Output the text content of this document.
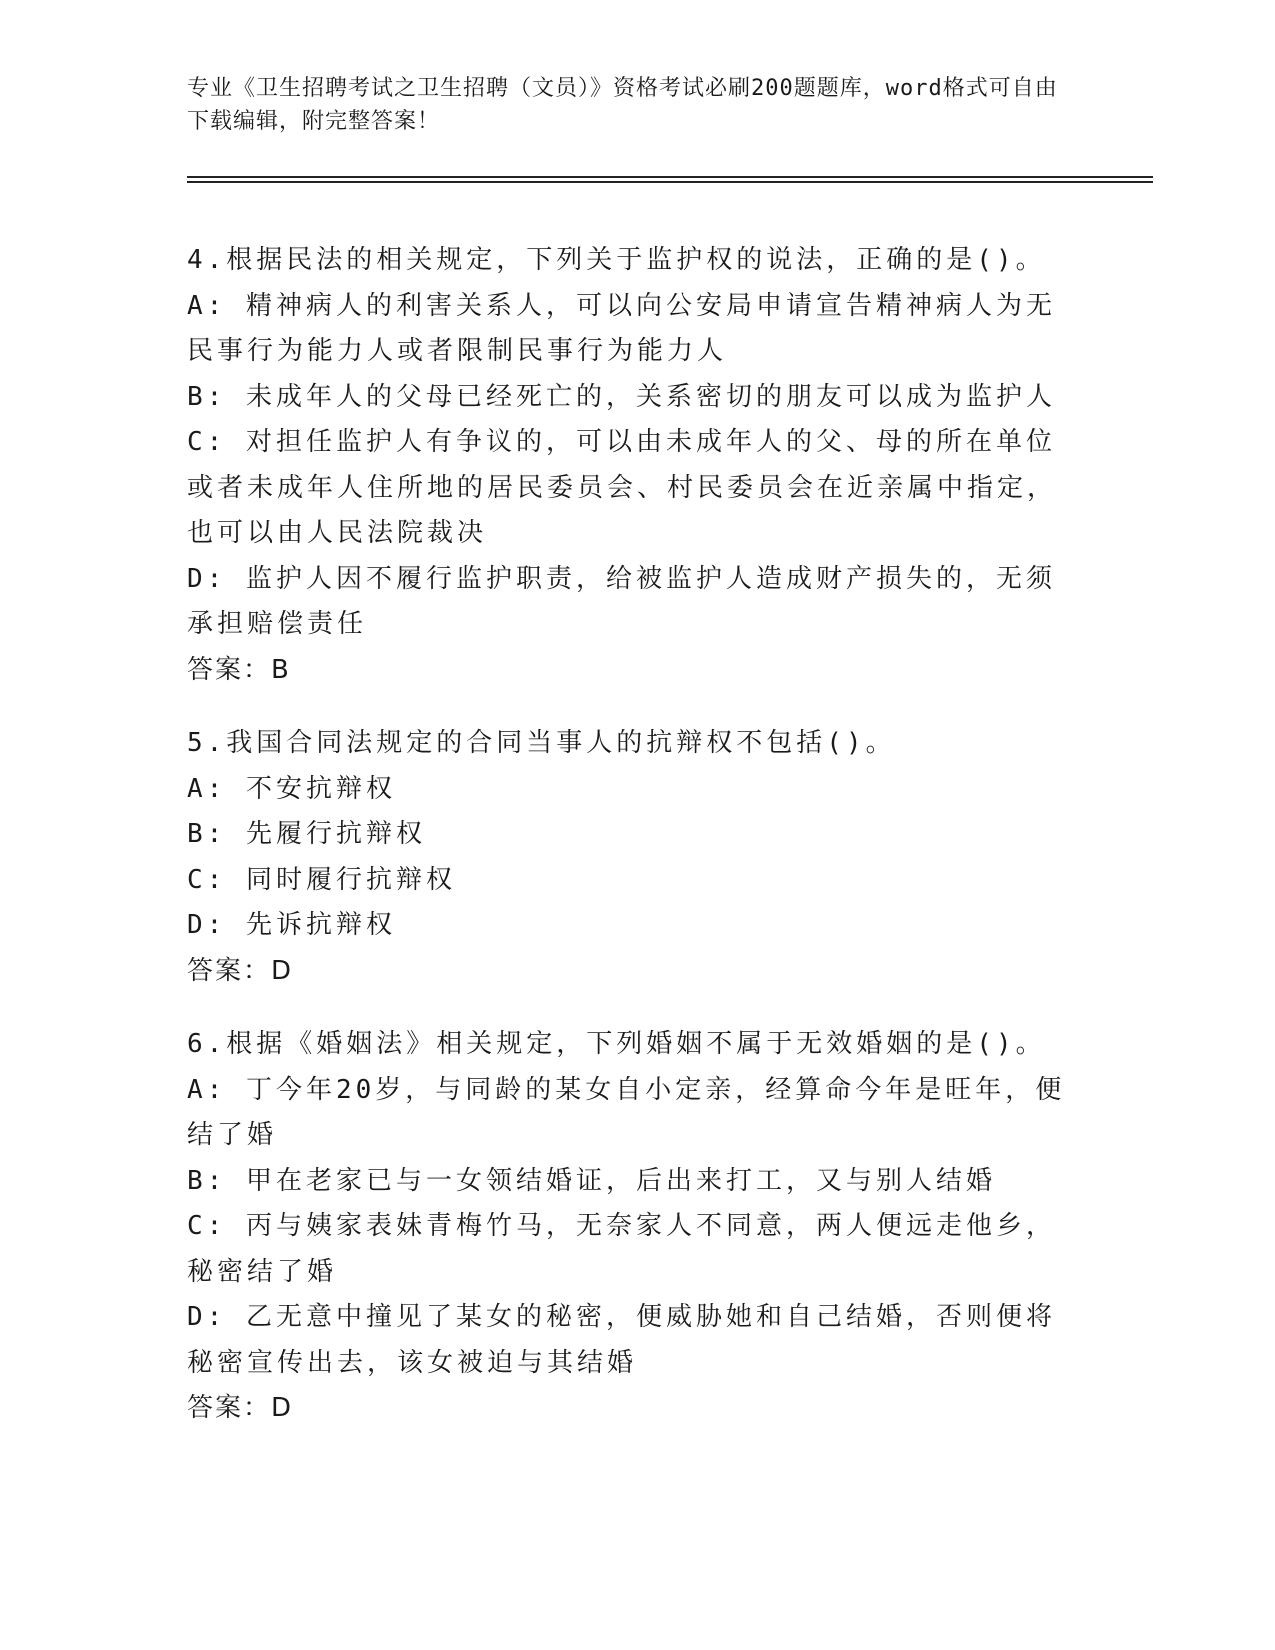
专业《卫生招聘考试之卫生招聘（文员）》资格考试必刷200题题库，word格式可自由下载编辑，附完整答案！
4.根据民法的相关规定，下列关于监护权的说法，正确的是()。
A: 精神病人的利害关系人，可以向公安局申请宣告精神病人为无民事行为能力人或者限制民事行为能力人
B: 未成年人的父母已经死亡的，关系密切的朋友可以成为监护人
C: 对担任监护人有争议的，可以由未成年人的父、母的所在单位或者未成年人住所地的居民委员会、村民委员会在近亲属中指定，也可以由人民法院裁决
D: 监护人因不履行监护职责，给被监护人造成财产损失的，无须承担赔偿责任
答案：B
5.我国合同法规定的合同当事人的抗辩权不包括()。
A: 不安抗辩权
B: 先履行抗辩权
C: 同时履行抗辩权
D: 先诉抗辩权
答案：D
6.根据《婚姻法》相关规定，下列婚姻不属于无效婚姻的是()。
A: 丁今年20岁，与同龄的某女自小定亲，经算命今年是旺年，便结了婚
B: 甲在老家已与一女领结婚证，后出来打工，又与别人结婚
C: 丙与姨家表妹青梅竹马，无奈家人不同意，两人便远走他乡，秘密结了婚
D: 乙无意中撞见了某女的秘密，便威胁她和自己结婚，否则便将秘密宣传出去，该女被迫与其结婚
答案：D
